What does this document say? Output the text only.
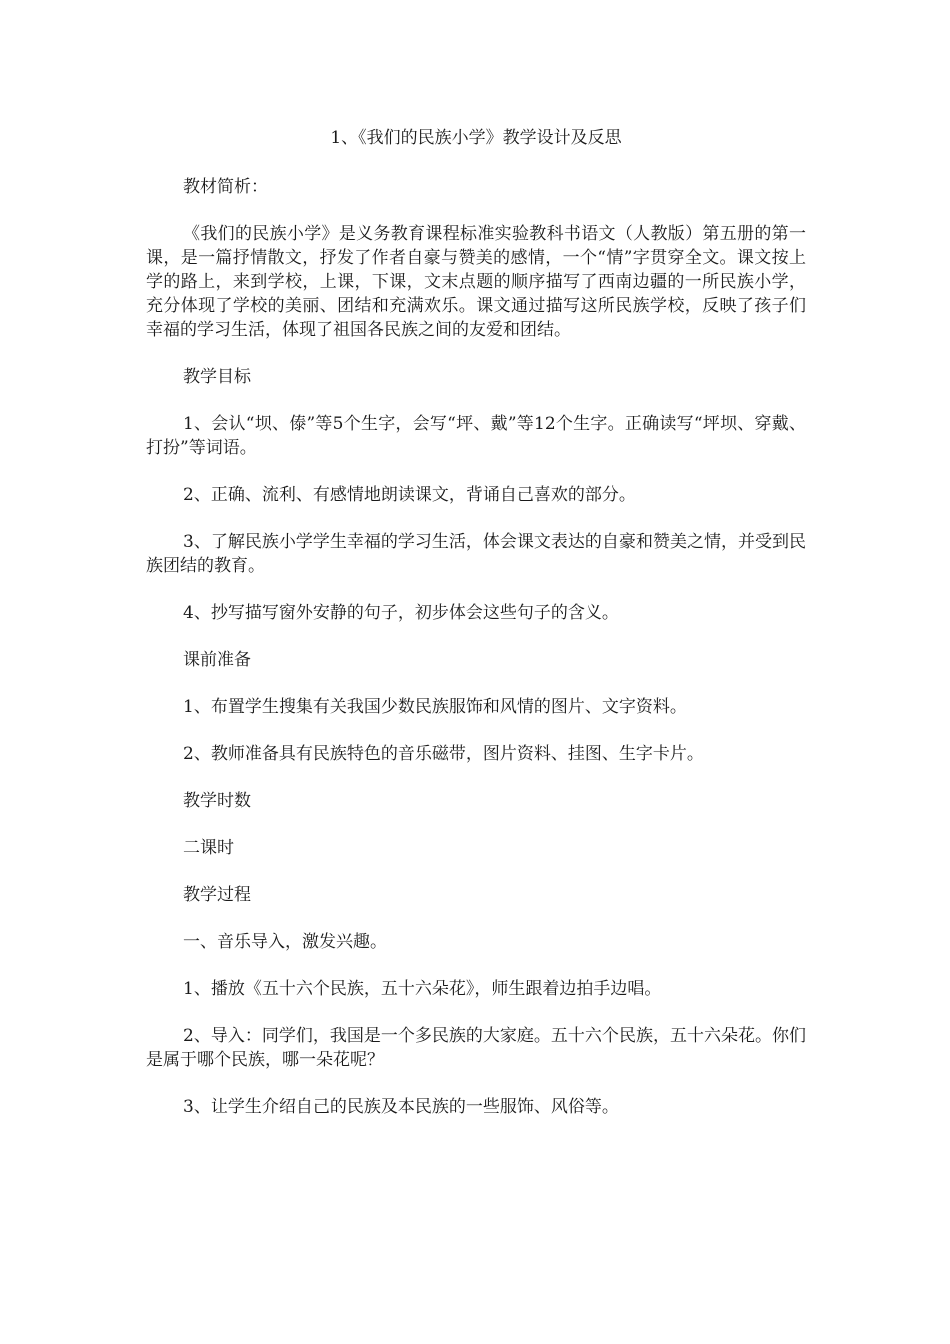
1、《我们的民族小学》教学设计及反思

教材简析：

《我们的民族小学》是义务教育课程标准实验教科书语文（人教版）第五册的第一课，是一篇抒情散文，抒发了作者自豪与赞美的感情，一个“情”字贯穿全文。课文按上学的路上，来到学校，上课，下课，文末点题的顺序描写了西南边疆的一所民族小学，充分体现了学校的美丽、团结和充满欢乐。课文通过描写这所民族学校，反映了孩子们幸福的学习生活，体现了祖国各民族之间的友爱和团结。

教学目标

1、会认“坝、傣”等5个生字，会写“坪、戴”等12个生字。正确读写“坪坝、穿戴、打扮”等词语。

2、正确、流利、有感情地朗读课文，背诵自己喜欢的部分。

3、了解民族小学学生幸福的学习生活，体会课文表达的自豪和赞美之情，并受到民族团结的教育。

4、抄写描写窗外安静的句子，初步体会这些句子的含义。

课前准备

1、布置学生搜集有关我国少数民族服饰和风情的图片、文字资料。

2、教师准备具有民族特色的音乐磁带，图片资料、挂图、生字卡片。

教学时数

二课时

教学过程

一、音乐导入，激发兴趣。

1、播放《五十六个民族，五十六朵花》，师生跟着边拍手边唱。

2、导入：同学们，我国是一个多民族的大家庭。五十六个民族，五十六朵花。你们是属于哪个民族，哪一朵花呢？

3、让学生介绍自己的民族及本民族的一些服饰、风俗等。
